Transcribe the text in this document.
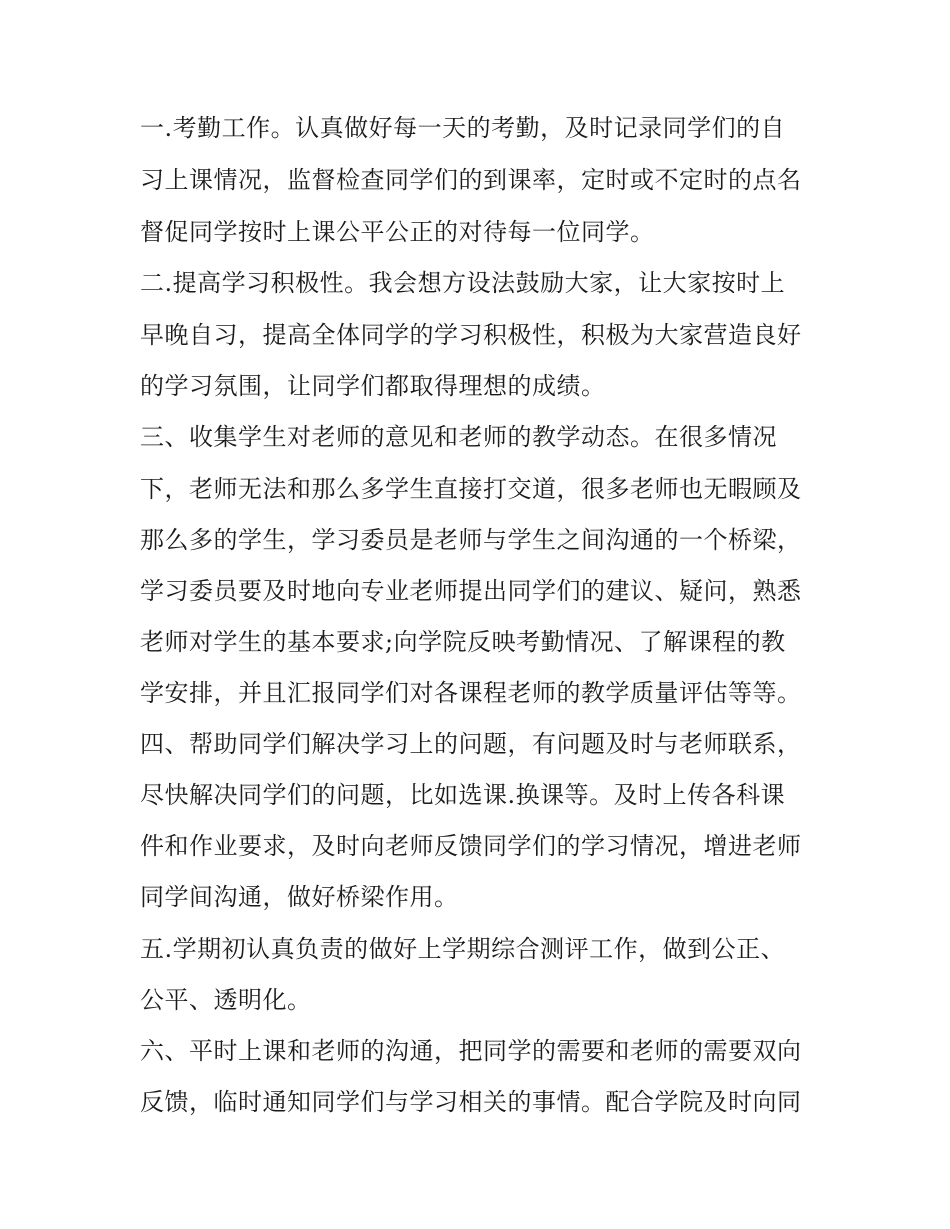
一.考勤工作。认真做好每一天的考勤，及时记录同学们的自
习上课情况，监督检查同学们的到课率，定时或不定时的点名
督促同学按时上课公平公正的对待每一位同学。
二.提高学习积极性。我会想方设法鼓励大家，让大家按时上
早晚自习，提高全体同学的学习积极性，积极为大家营造良好
的学习氛围，让同学们都取得理想的成绩。
三、收集学生对老师的意见和老师的教学动态。在很多情况
下，老师无法和那么多学生直接打交道，很多老师也无暇顾及
那么多的学生，学习委员是老师与学生之间沟通的一个桥梁，
学习委员要及时地向专业老师提出同学们的建议、疑问，熟悉
老师对学生的基本要求;向学院反映考勤情况、了解课程的教
学安排，并且汇报同学们对各课程老师的教学质量评估等等。
四、帮助同学们解决学习上的问题，有问题及时与老师联系，
尽快解决同学们的问题，比如选课.换课等。及时上传各科课
件和作业要求，及时向老师反馈同学们的学习情况，增进老师
同学间沟通，做好桥梁作用。
五.学期初认真负责的做好上学期综合测评工作，做到公正、
公平、透明化。
六、平时上课和老师的沟通，把同学的需要和老师的需要双向
反馈，临时通知同学们与学习相关的事情。配合学院及时向同
